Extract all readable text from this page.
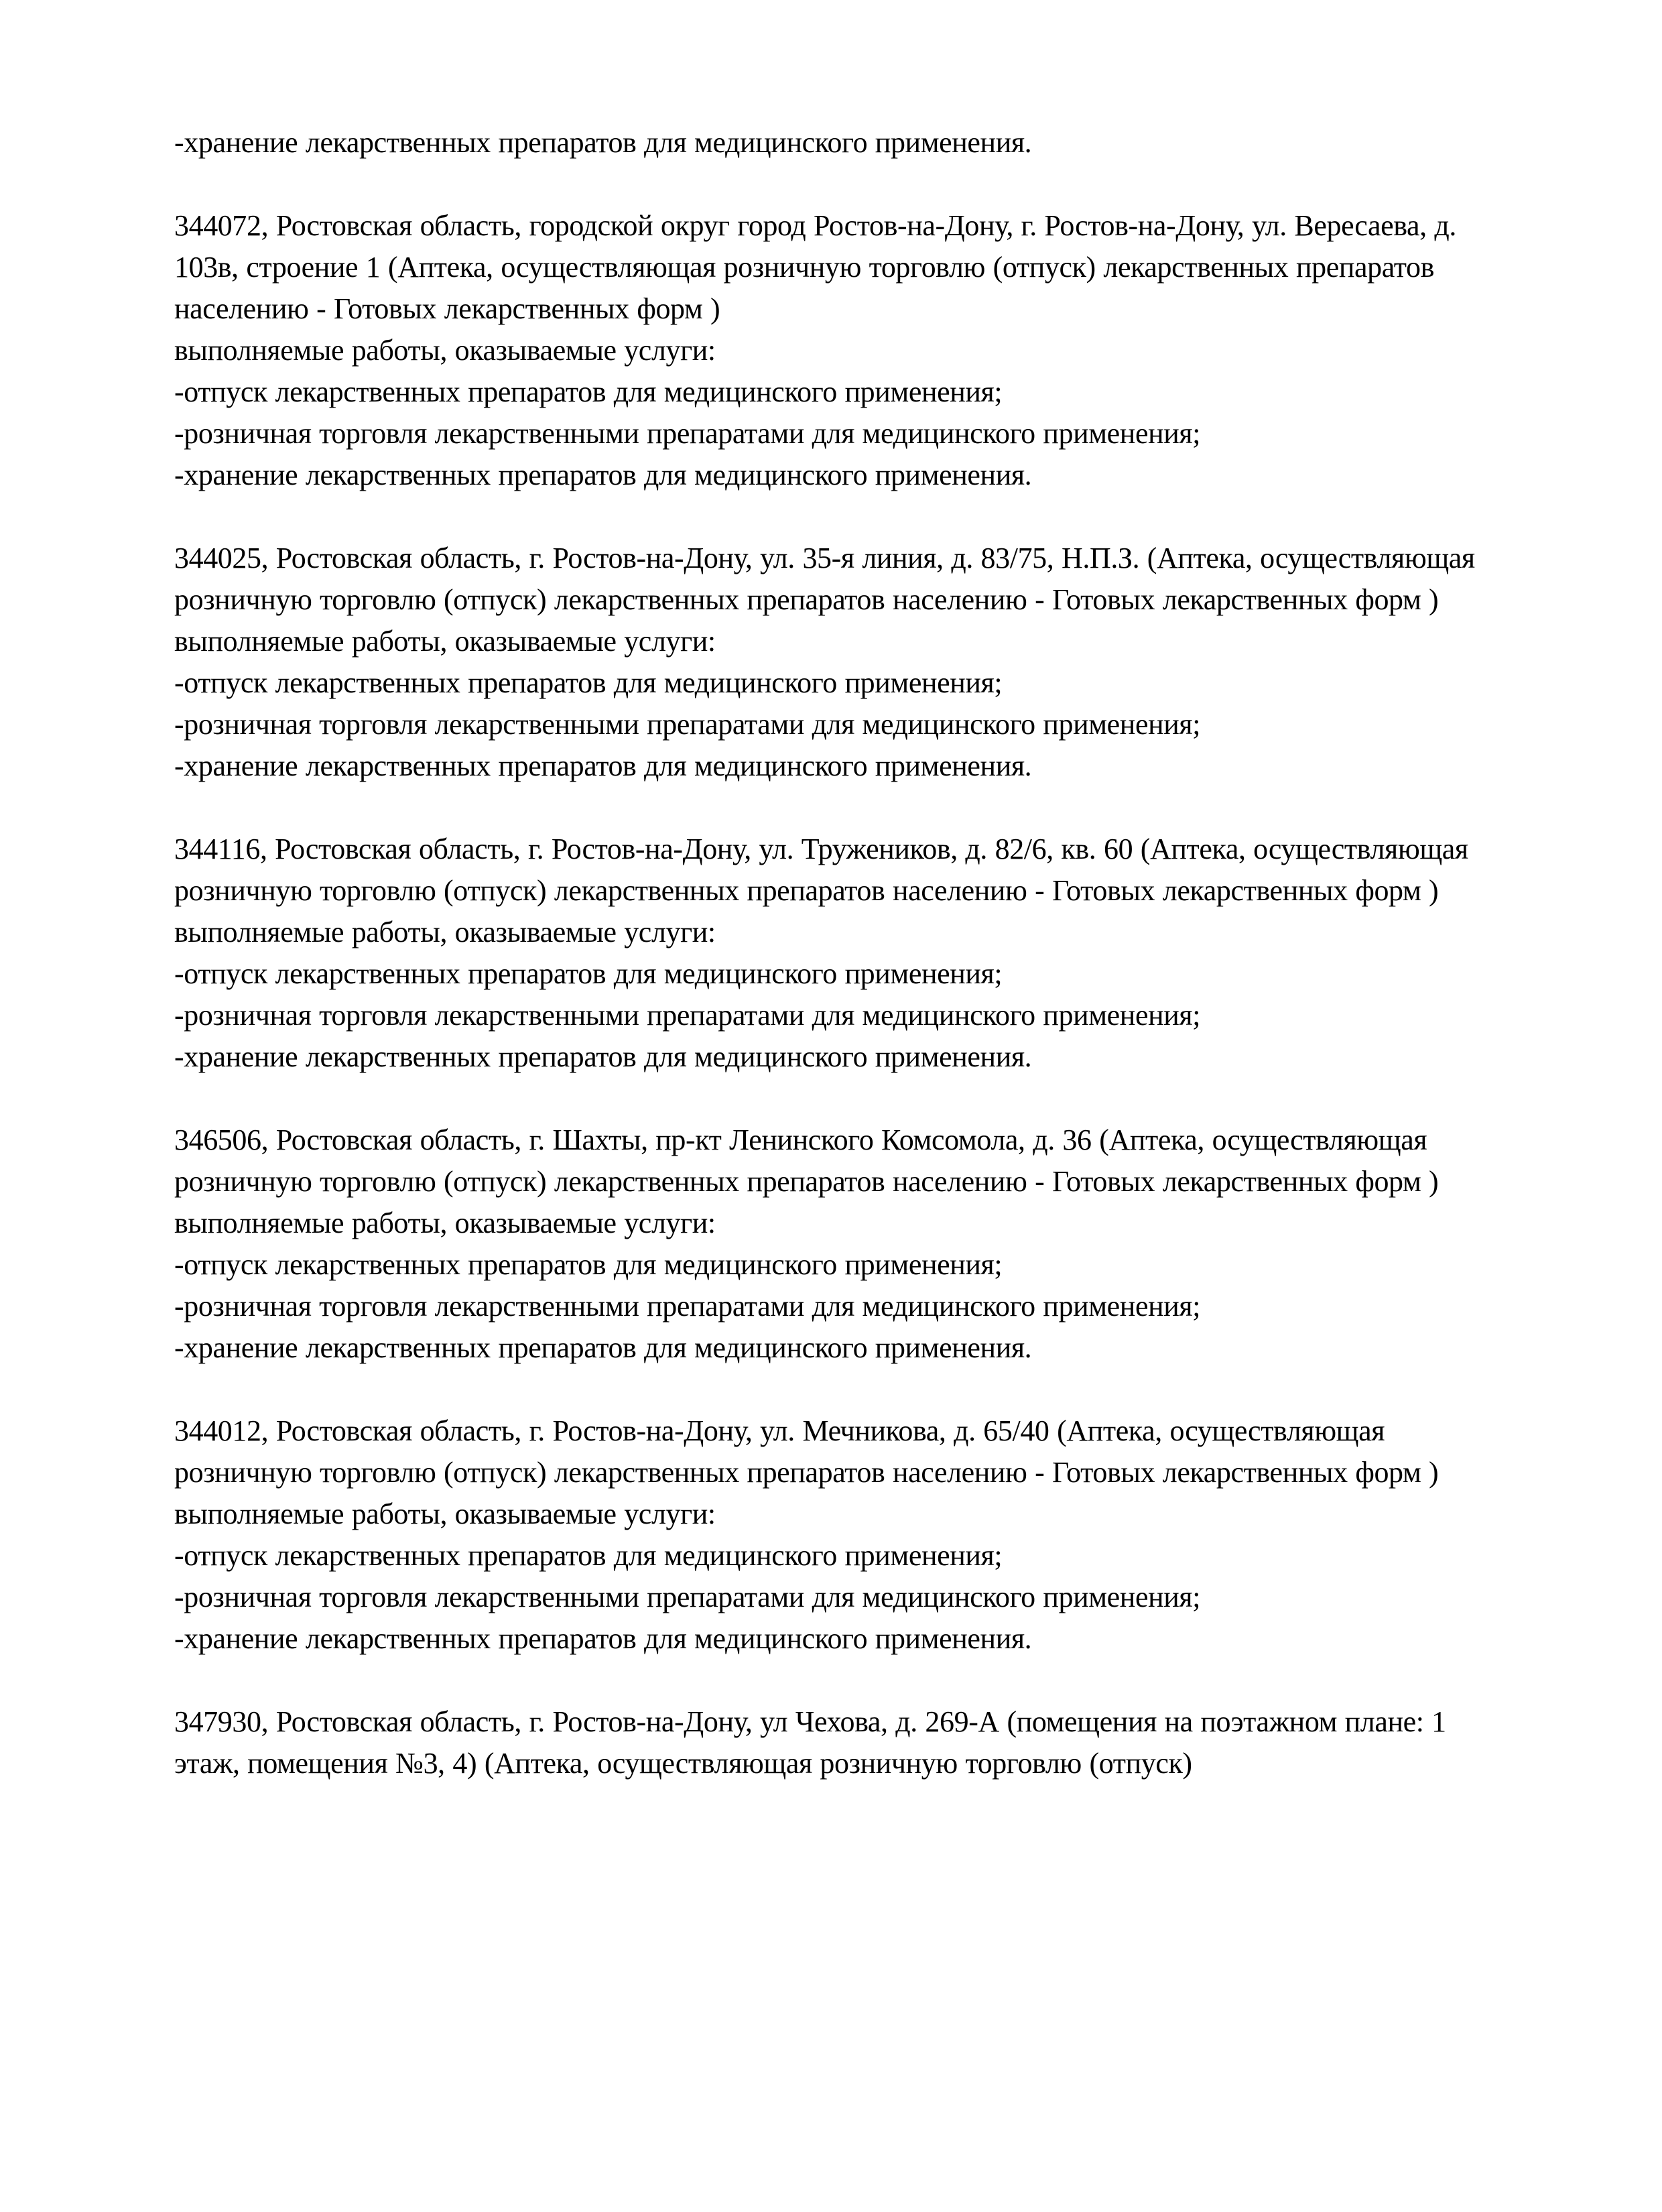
-хранение лекарственных препаратов для медицинского применения.

344072, Ростовская область, городской округ город Ростов-на-Дону, г. Ростов-на-Дону, ул. Вересаева, д. 103в, строение 1 (Аптека, осуществляющая розничную торговлю (отпуск) лекарственных препаратов населению - Готовых лекарственных форм )

выполняемые работы, оказываемые услуги:

-отпуск лекарственных препаратов для медицинского применения;

-розничная торговля лекарственными препаратами для медицинского применения;

-хранение лекарственных препаратов для медицинского применения.

344025, Ростовская область, г. Ростов-на-Дону, ул. 35-я линия, д. 83/75, Н.П.З. (Аптека, осуществляющая розничную торговлю (отпуск) лекарственных препаратов населению - Готовых лекарственных форм )

выполняемые работы, оказываемые услуги:

-отпуск лекарственных препаратов для медицинского применения;

-розничная торговля лекарственными препаратами для медицинского применения;

-хранение лекарственных препаратов для медицинского применения.

344116, Ростовская область, г. Ростов-на-Дону, ул. Тружеников, д. 82/6, кв. 60 (Аптека, осуществляющая розничную торговлю (отпуск) лекарственных препаратов населению - Готовых лекарственных форм )

выполняемые работы, оказываемые услуги:

-отпуск лекарственных препаратов для медицинского применения;

-розничная торговля лекарственными препаратами для медицинского применения;

-хранение лекарственных препаратов для медицинского применения.

346506, Ростовская область, г. Шахты, пр-кт Ленинского Комсомола, д. 36 (Аптека, осуществляющая розничную торговлю (отпуск) лекарственных препаратов населению - Готовых лекарственных форм )

выполняемые работы, оказываемые услуги:

-отпуск лекарственных препаратов для медицинского применения;

-розничная торговля лекарственными препаратами для медицинского применения;

-хранение лекарственных препаратов для медицинского применения.

344012, Ростовская область, г. Ростов-на-Дону, ул. Мечникова, д. 65/40 (Аптека, осуществляющая розничную торговлю (отпуск) лекарственных препаратов населению - Готовых лекарственных форм )

выполняемые работы, оказываемые услуги:

-отпуск лекарственных препаратов для медицинского применения;

-розничная торговля лекарственными препаратами для медицинского применения;

-хранение лекарственных препаратов для медицинского применения.

347930, Ростовская область, г. Ростов-на-Дону, ул Чехова, д. 269-А (помещения на поэтажном плане: 1 этаж, помещения №3, 4) (Аптека, осуществляющая розничную торговлю (отпуск)
